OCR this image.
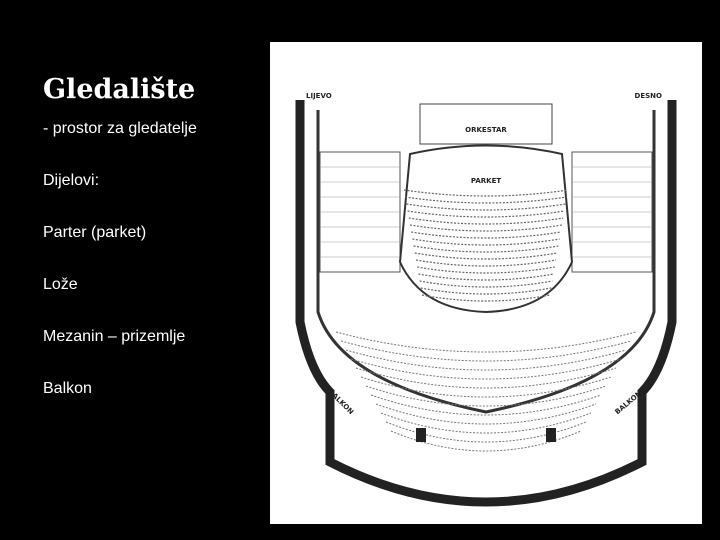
Gledalište
- prostor za gledatelje
Dijelovi:
Parter (parket)
Lože
Mezanin – prizemlje
Balkon
LIJEVO	DESNO
ORKESTAR
PARKET
BALKON	BALKON
